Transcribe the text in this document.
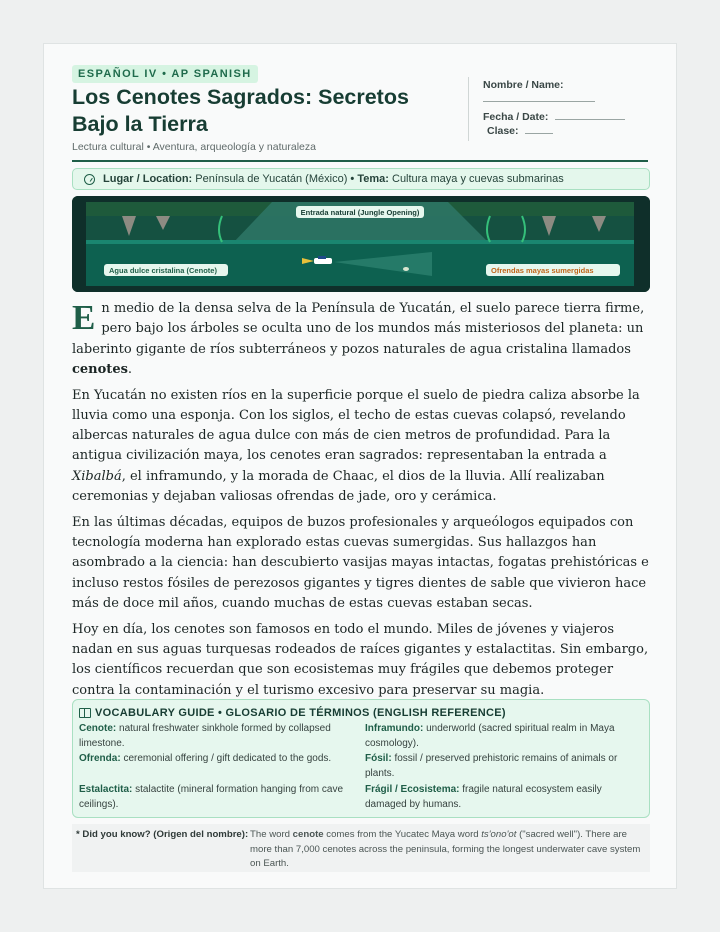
ESPAÑOL IV • AP SPANISH
Los Cenotes Sagrados: Secretos Bajo la Tierra
Lectura cultural • Aventura, arqueología y naturaleza
Nombre / Name:
Fecha / Date:
Clase:
Lugar / Location: Península de Yucatán (México) • Tema: Cultura maya y cuevas submarinas
Entrada natural (Jungle Opening)
Agua dulce cristalina (Cenote)	Ofrendas mayas sumergidas

En medio de la densa selva de la Península de Yucatán, el suelo parece tierra firme, pero bajo los árboles se oculta uno de los mundos más misteriosos del planeta: un laberinto gigante de ríos subterráneos y pozos naturales de agua cristalina llamados cenotes.

En Yucatán no existen ríos en la superficie porque el suelo de piedra caliza absorbe la lluvia como una esponja. Con los siglos, el techo de estas cuevas colapsó, revelando albercas naturales de agua dulce con más de cien metros de profundidad. Para la antigua civilización maya, los cenotes eran sagrados: representaban la entrada a Xibalbá, el inframundo, y la morada de Chaac, el dios de la lluvia. Allí realizaban ceremonias y dejaban valiosas ofrendas de jade, oro y cerámica.

En las últimas décadas, equipos de buzos profesionales y arqueólogos equipados con tecnología moderna han explorado estas cuevas sumergidas. Sus hallazgos han asombrado a la ciencia: han descubierto vasijas mayas intactas, fogatas prehistóricas e incluso restos fósiles de perezosos gigantes y tigres dientes de sable que vivieron hace más de doce mil años, cuando muchas de estas cuevas estaban secas.

Hoy en día, los cenotes son famosos en todo el mundo. Miles de jóvenes y viajeros nadan en sus aguas turquesas rodeados de raíces gigantes y estalactitas. Sin embargo, los científicos recuerdan que son ecosistemas muy frágiles que debemos proteger contra la contaminación y el turismo excesivo para preservar su magia.

VOCABULARY GUIDE • GLOSARIO DE TÉRMINOS (ENGLISH REFERENCE)
Cenote: natural freshwater sinkhole formed by collapsed limestone.
Inframundo: underworld (sacred spiritual realm in Maya cosmology).
Ofrenda: ceremonial offering / gift dedicated to the gods.	Fósil: fossil / preserved prehistoric remains of animals or plants.
Estalactita: stalactite (mineral formation hanging from cave ceilings).
Frágil / Ecosistema: fragile natural ecosystem easily damaged by humans.
* Did you know? (Origen del nombre): The word cenote comes from the Yucatec Maya word ts'ono'ot ("sacred well"). There are more than 7,000 cenotes across the peninsula, forming the longest underwater cave system on Earth.
